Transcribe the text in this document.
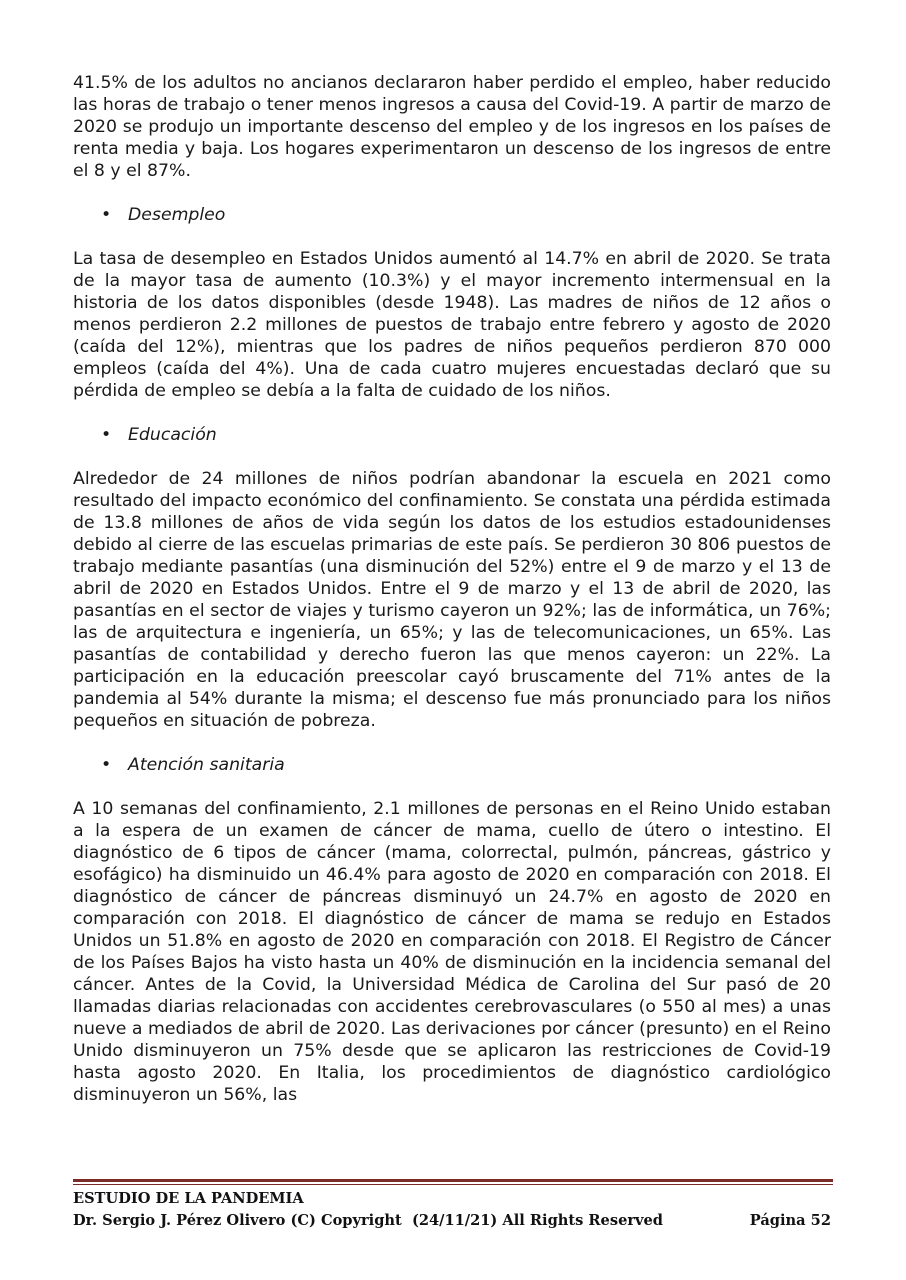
41.5% de los adultos no ancianos declararon haber perdido el empleo, haber reducido las horas de trabajo o tener menos ingresos a causa del Covid-19. A partir de marzo de 2020 se produjo un importante descenso del empleo y de los ingresos en los países de renta media y baja. Los hogares experimentaron un descenso de los ingresos de entre el 8 y el 87%.

• Desempleo

La tasa de desempleo en Estados Unidos aumentó al 14.7% en abril de 2020. Se trata de la mayor tasa de aumento (10.3%) y el mayor incremento intermensual en la historia de los datos disponibles (desde 1948). Las madres de niños de 12 años o menos perdieron 2.2 millones de puestos de trabajo entre febrero y agosto de 2020 (caída del 12%), mientras que los padres de niños pequeños perdieron 870 000 empleos (caída del 4%). Una de cada cuatro mujeres encuestadas declaró que su pérdida de empleo se debía a la falta de cuidado de los niños.

• Educación

Alrededor de 24 millones de niños podrían abandonar la escuela en 2021 como resultado del impacto económico del confinamiento. Se constata una pérdida estimada de 13.8 millones de años de vida según los datos de los estudios estadounidenses debido al cierre de las escuelas primarias de este país. Se perdieron 30 806 puestos de trabajo mediante pasantías (una disminución del 52%) entre el 9 de marzo y el 13 de abril de 2020 en Estados Unidos. Entre el 9 de marzo y el 13 de abril de 2020, las pasantías en el sector de viajes y turismo cayeron un 92%; las de informática, un 76%; las de arquitectura e ingeniería, un 65%; y las de telecomunicaciones, un 65%. Las pasantías de contabilidad y derecho fueron las que menos cayeron: un 22%. La participación en la educación preescolar cayó bruscamente del 71% antes de la pandemia al 54% durante la misma; el descenso fue más pronunciado para los niños pequeños en situación de pobreza.

• Atención sanitaria

A 10 semanas del confinamiento, 2.1 millones de personas en el Reino Unido estaban a la espera de un examen de cáncer de mama, cuello de útero o intestino. El diagnóstico de 6 tipos de cáncer (mama, colorrectal, pulmón, páncreas, gástrico y esofágico) ha disminuido un 46.4% para agosto de 2020 en comparación con 2018. El diagnóstico de cáncer de páncreas disminuyó un 24.7% en agosto de 2020 en comparación con 2018. El diagnóstico de cáncer de mama se redujo en Estados Unidos un 51.8% en agosto de 2020 en comparación con 2018. El Registro de Cáncer de los Países Bajos ha visto hasta un 40% de disminución en la incidencia semanal del cáncer. Antes de la Covid, la Universidad Médica de Carolina del Sur pasó de 20 llamadas diarias relacionadas con accidentes cerebrovasculares (o 550 al mes) a unas nueve a mediados de abril de 2020. Las derivaciones por cáncer (presunto) en el Reino Unido disminuyeron un 75% desde que se aplicaron las restricciones de Covid-19 hasta agosto 2020. En Italia, los procedimientos de diagnóstico cardiológico disminuyeron un 56%, las

ESTUDIO DE LA PANDEMIA
Dr. Sergio J. Pérez Olivero (C) Copyright  (24/11/21) All Rights Reserved	Página 52
